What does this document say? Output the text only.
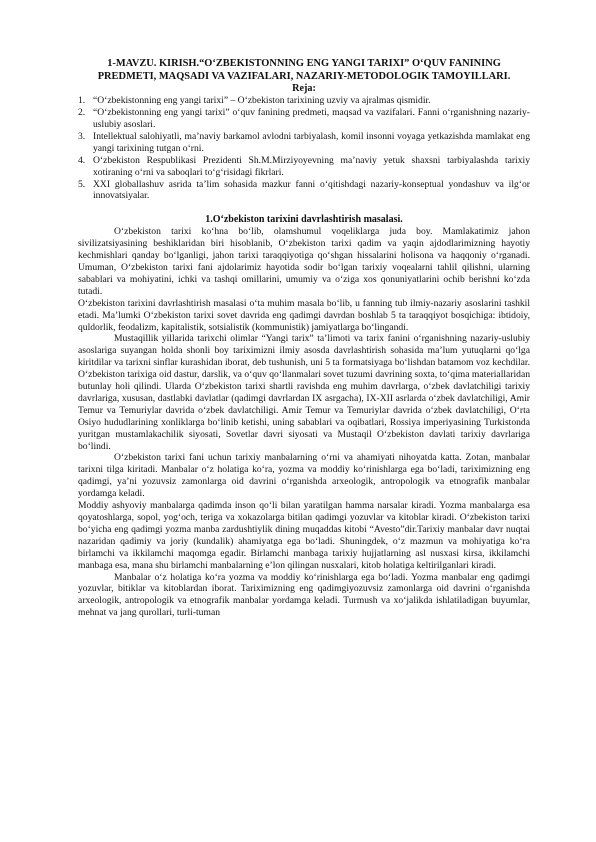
1-MAVZU. KIRISH.“O‘ZBEKISTONNING ENG YANGI TARIXI” O‘QUV FANINING PREDMETI, MAQSADI VA VAZIFALARI, NAZARIY-METODOLOGIK TAMOYILLARI.
Reja:
1. “O‘zbekistonning eng yangi tarixi” – O‘zbekiston tarixining uzviy va ajralmas qismidir.
2. “O‘zbekistonning eng yangi tarixi” o‘quv fanining predmeti, maqsad va vazifalari. Fanni o‘rganishning nazariy-uslubiy asoslari.
3. Intellektual salohiyatli, ma’naviy barkamol avlodni tarbiyalash, komil insonni voyaga yetkazishda mamlakat eng yangi tarixining tutgan o‘rni.
4. O‘zbekiston Respublikasi Prezidenti Sh.M.Mirziyoyevning ma’naviy yetuk shaxsni tarbiyalashda tarixiy xotiraning o‘rni va saboqlari to‘g‘risidagi fikrlari.
5. XXI globallashuv asrida ta’lim sohasida mazkur fanni o‘qitishdagi nazariy-konseptual yondashuv va ilg‘or innovatsiyalar.
1.O‘zbekiston tarixini davrlashtirish masalasi.

O‘zbekiston tarixi ko‘hna bo‘lib, olamshumul voqeliklarga juda boy. Mamlakatimiz jahon sivilizatsiyasining beshiklaridan biri hisoblanib, O‘zbekiston tarixi qadim va yaqin ajdodlarimizning hayotiy kechmishlari qanday bo‘lganligi, jahon tarixi taraqqiyotiga qo‘shgan hissalarini holisona va haqqoniy o‘rganadi. Umuman, O‘zbekiston tarixi fani ajdolarimiz hayotida sodir bo‘lgan tarixiy voqealarni tahlil qilishni, ularning sabablari va mohiyatini, ichki va tashqi omillarini, umumiy va o‘ziga xos qonuniyatlarini ochib berishni ko‘zda tutadi.

O‘zbekiston tarixini davrlashtirish masalasi o‘ta muhim masala bo‘lib, u fanning tub ilmiy-nazariy asoslarini tashkil etadi. Ma’lumki O‘zbekiston tarixi sovet davrida eng qadimgi davrdan boshlab 5 ta taraqqiyot bosqichiga: ibtidoiy, quldorlik, feodalizm, kapitalistik, sotsialistik (kommunistik) jamiyatlarga bo‘lingandi.

Mustaqillik yillarida tarixchi olimlar “Yangi tarix” ta’limoti va tarix fanini o‘rganishning nazariy-uslubiy asoslariga suyangan holda shonli boy tariximizni ilmiy asosda davrlashtirish sohasida ma’lum yutuqlarni qo‘lga kiritdilar va tarixni sinflar kurashidan iborat, deb tushunish, uni 5 ta formatsiyaga bo‘lishdan batamom voz kechdilar. O‘zbekiston tarixiga oid dastur, darslik, va o‘quv qo‘llanmalari sovet tuzumi davrining soxta, to‘qima materiallaridan butunlay holi qilindi. Ularda O‘zbekiston tarixi shartli ravishda eng muhim davrlarga, o‘zbek davlatchiligi tarixiy davrlariga, xususan, dastlabki davlatlar (qadimgi davrlardan IX asrgacha), IX-XII asrlarda o‘zbek davlatchiligi, Amir Temur va Temuriylar davrida o‘zbek davlatchiligi. Amir Temur va Temuriylar davrida o‘zbek davlatchiligi, O‘rta Osiyo hududlarining xonliklarga bo‘linib ketishi, uning sabablari va oqibatlari, Rossiya imperiyasining Turkistonda yuritgan mustamlakachilik siyosati, Sovetlar davri siyosati va Mustaqil O‘zbekiston davlati tarixiy davrlariga bo‘lindi.

O‘zbekiston tarixi fani uchun tarixiy manbalarning o‘rni va ahamiyati nihoyatda katta. Zotan, manbalar tarixni tilga kiritadi. Manbalar o‘z holatiga ko‘ra, yozma va moddiy ko‘rinishlarga ega bo‘ladi, tariximizning eng qadimgi, ya’ni yozuvsiz zamonlarga oid davrini o‘rganishda arxeologik, antropologik va etnografik manbalar yordamga keladi.

Moddiy ashyoviy manbalarga qadimda inson qo‘li bilan yaratilgan hamma narsalar kiradi. Yozma manbalarga esa qoyatoshlarga, sopol, yog‘och, teriga va xokazolarga bitilan qadimgi yozuvlar va kitoblar kiradi. O‘zbekiston tarixi bo‘yicha eng qadimgi yozma manba zardushtiylik dining muqaddas kitobi “Avesto”dir.Tarixiy manbalar davr nuqtai nazaridan qadimiy va joriy (kundalik) ahamiyatga ega bo‘ladi. Shuningdek, o‘z mazmun va mohiyatiga ko‘ra birlamchi va ikkilamchi maqomga egadir. Birlamchi manbaga tarixiy hujjatlarning asl nusxasi kirsa, ikkilamchi manbaga esa, mana shu birlamchi manbalarning e’lon qilingan nusxalari, kitob holatiga keltirilganlari kiradi.

Manbalar o‘z holatiga ko‘ra yozma va moddiy ko‘rinishlarga ega bo‘ladi. Yozma manbalar eng qadimgi yozuvlar, bitiklar va kitoblardan iborat. Tariximizning eng qadimgiyozuvsiz zamonlarga oid davrini o‘rganishda arxeologik, antropologik va etnografik manbalar yordamga keladi. Turmush va xo‘jalikda ishlatiladigan buyumlar, mehnat va jang qurollari, turli-tuman
